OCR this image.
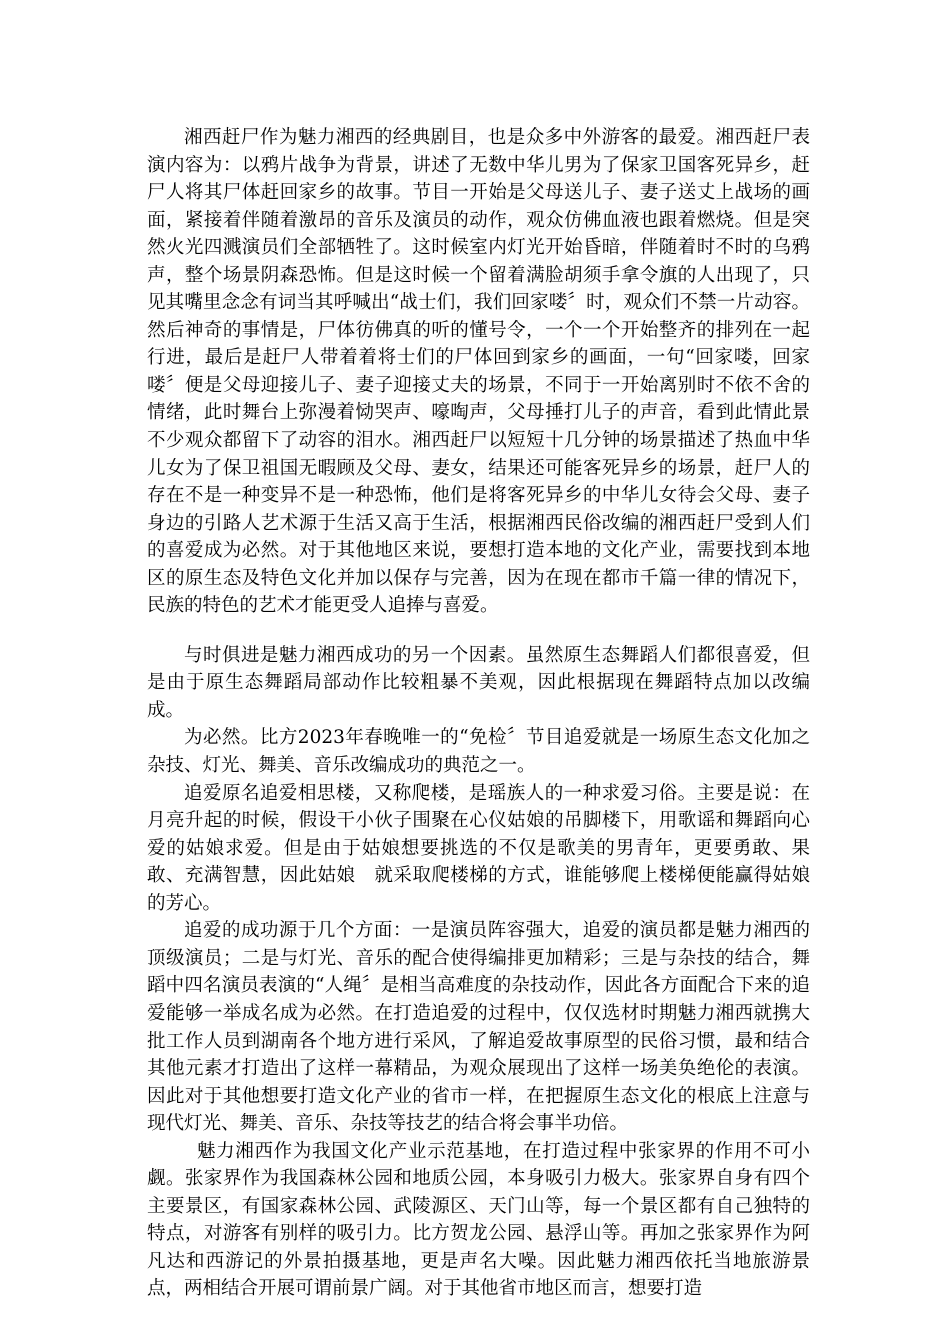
湘西赶尸作为魅力湘西的经典剧目，也是众多中外游客的最爱。湘西赶尸表演内容为：以鸦片战争为背景，讲述了无数中华儿男为了保家卫国客死异乡，赶尸人将其尸体赶回家乡的故事。节目一开始是父母送儿子、妻子送丈上战场的画面，紧接着伴随着激昂的音乐及演员的动作，观众仿佛血液也跟着燃烧。但是突然火光四溅演员们全部牺牲了。这时候室内灯光开始昏暗，伴随着时不时的乌鸦声，整个场景阴森恐怖。但是这时候一个留着满脸胡须手拿令旗的人出现了，只见其嘴里念念有词当其呼喊出“战士们，我们回家喽〞时，观众们不禁一片动容。然后神奇的事情是，尸体彷佛真的听的懂号令，一个一个开始整齐的排列在一起行进，最后是赶尸人带着着将士们的尸体回到家乡的画面，一句“回家喽，回家喽〞便是父母迎接儿子、妻子迎接丈夫的场景，不同于一开始离别时不依不舍的情绪，此时舞台上弥漫着恸哭声、嚎啕声，父母捶打儿子的声音，看到此情此景不少观众都留下了动容的泪水。湘西赶尸以短短十几分钟的场景描述了热血中华儿女为了保卫祖国无暇顾及父母、妻女，结果还可能客死异乡的场景，赶尸人的存在不是一种变异不是一种恐怖，他们是将客死异乡的中华儿女待会父母、妻子身边的引路人艺术源于生活又高于生活，根据湘西民俗改编的湘西赶尸受到人们的喜爱成为必然。对于其他地区来说，要想打造本地的文化产业，需要找到本地区的原生态及特色文化并加以保存与完善，因为在现在都市千篇一律的情况下，民族的特色的艺术才能更受人追捧与喜爱。

与时俱进是魅力湘西成功的另一个因素。虽然原生态舞蹈人们都很喜爱，但是由于原生态舞蹈局部动作比较粗暴不美观，因此根据现在舞蹈特点加以改编成。

为必然。比方2023年春晚唯一的“免检〞节目追爱就是一场原生态文化加之杂技、灯光、舞美、音乐改编成功的典范之一。

追爱原名追爱相思楼，又称爬楼，是瑶族人的一种求爱习俗。主要是说：在月亮升起的时候，假设干小伙子围聚在心仪姑娘的吊脚楼下，用歌谣和舞蹈向心爱的姑娘求爱。但是由于姑娘想要挑选的不仅是歌美的男青年，更要勇敢、果敢、充满智慧，因此姑娘　就采取爬楼梯的方式，谁能够爬上楼梯便能赢得姑娘的芳心。

追爱的成功源于几个方面：一是演员阵容强大，追爱的演员都是魅力湘西的顶级演员；二是与灯光、音乐的配合使得编排更加精彩；三是与杂技的结合，舞蹈中四名演员表演的“人绳〞是相当高难度的杂技动作，因此各方面配合下来的追爱能够一举成名成为必然。在打造追爱的过程中，仅仅选材时期魅力湘西就携大批工作人员到湖南各个地方进行采风，了解追爱故事原型的民俗习惯，最和结合其他元素才打造出了这样一幕精品，为观众展现出了这样一场美奂绝伦的表演。因此对于其他想要打造文化产业的省市一样，在把握原生态文化的根底上注意与现代灯光、舞美、音乐、杂技等技艺的结合将会事半功倍。

魅力湘西作为我国文化产业示范基地，在打造过程中张家界的作用不可小觑。张家界作为我国森林公园和地质公园，本身吸引力极大。张家界自身有四个主要景区，有国家森林公园、武陵源区、天门山等，每一个景区都有自己独特的特点，对游客有别样的吸引力。比方贺龙公园、悬浮山等。再加之张家界作为阿凡达和西游记的外景拍摄基地，更是声名大噪。因此魅力湘西依托当地旅游景点，两相结合开展可谓前景广阔。对于其他省市地区而言，想要打造
